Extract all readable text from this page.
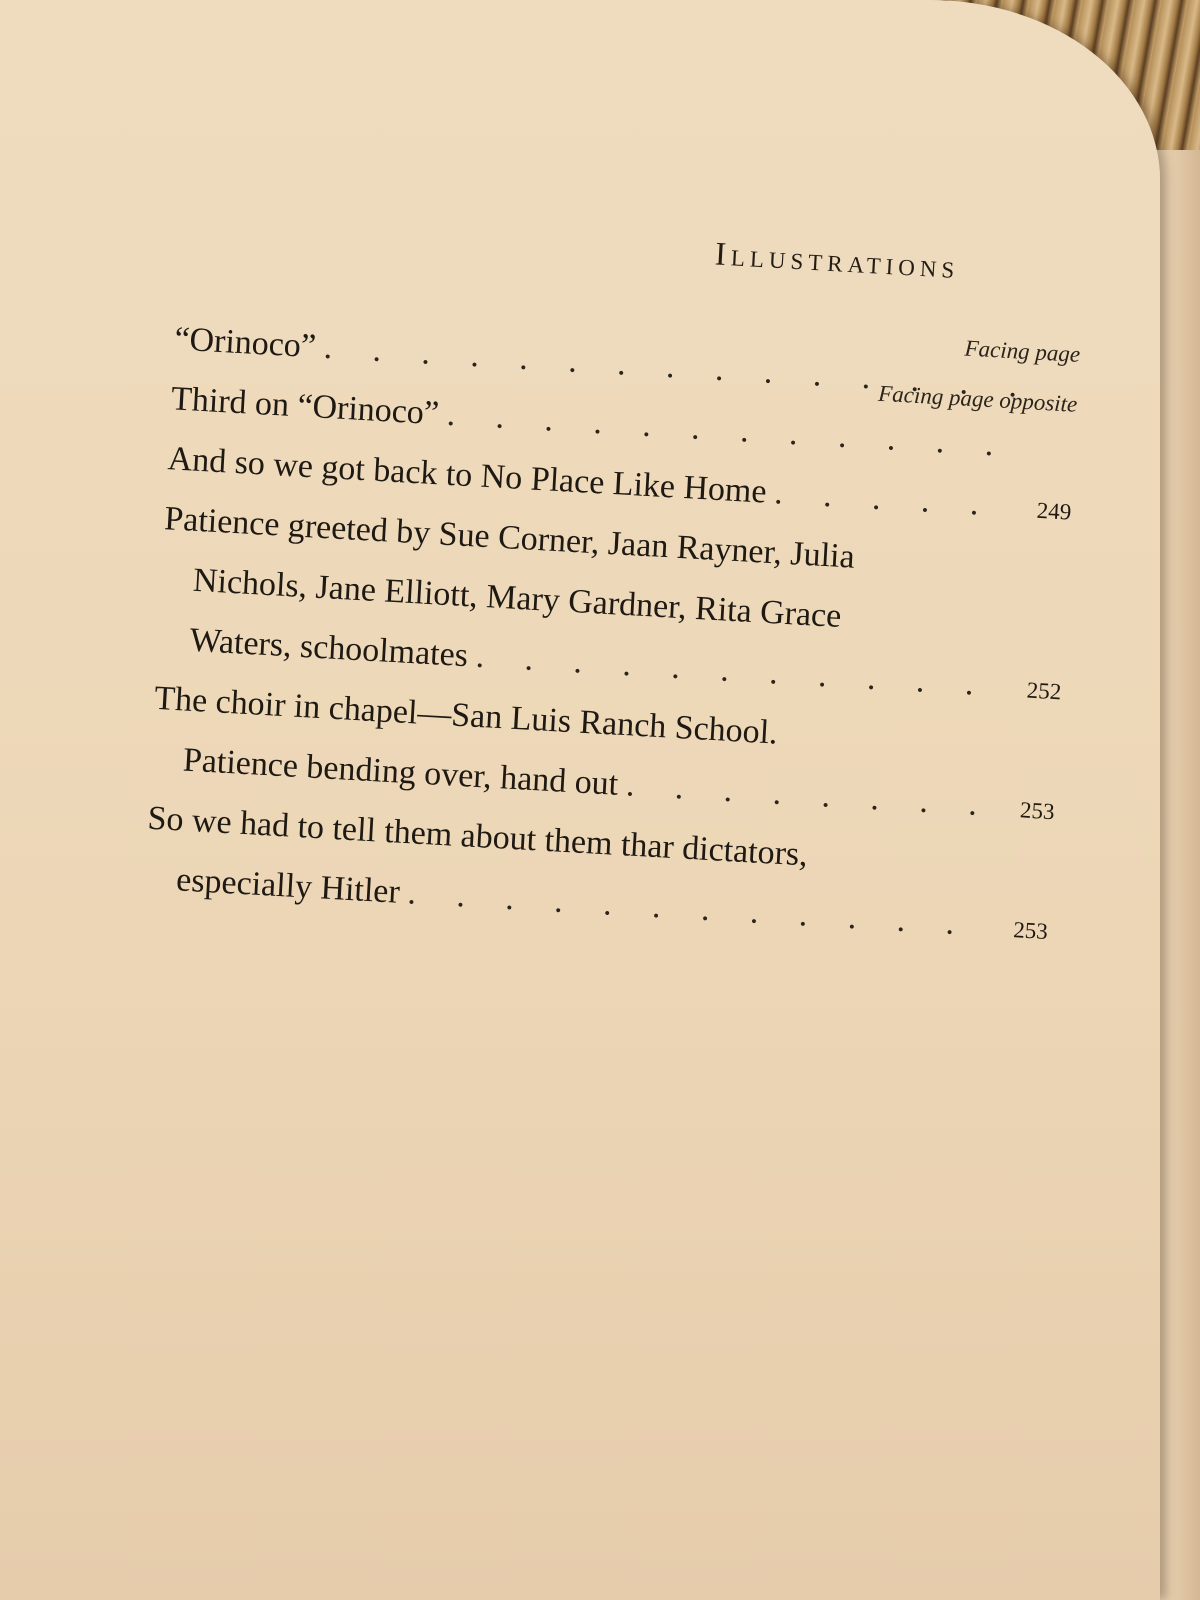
Illustrations
Facing page
Facing page opposite
“Orinoco”
. . .
Third on “Orinoco”
. . .
And so we got back to No Place Like Home
. . .
249
Patience greeted by Sue Corner, Jaan Rayner, Julia
Nichols, Jane Elliott, Mary Gardner, Rita Grace
Waters, schoolmates
. . .
252
The choir in chapel—San Luis Ranch School.
Patience bending over, hand out
. . .
253
So we had to tell them about them thar dictators,
especially Hitler
. . .
253
